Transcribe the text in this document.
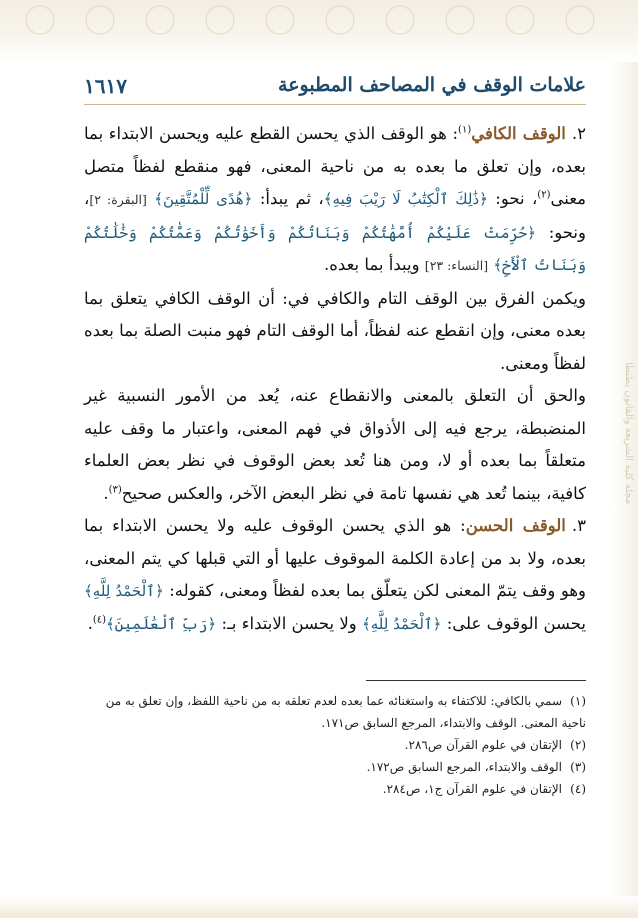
مجلة كلية الشريعة والقانون بطنطا
علامات الوقف في المصاحف المطبوعة
١٦١٧

٢.الوقف الكافي$^{(١)}$: هو الوقف الذي يحسن القطع عليه ويحسن الابتداء بما بعده، وإن تعلق ما بعده به من ناحية المعنى، فهو منقطع لفظاً متصل معنى$^{(٢)}$، نحو: ﴿ذَٰلِكَ ٱلْكِتَٰبُ لَا رَيْبَ فِيهِ﴾، ثم يبدأ: ﴿هُدًى لِّلْمُتَّقِينَ﴾ [البقرة: ٢]، ونحو: ﴿حُرِّمَتْ عَلَيْكُمْ أُمَّهَٰتُكُمْ وَبَنَاتُكُمْ وَأَخَوَٰتُكُمْ وَعَمَّٰتُكُمْ وَخَٰلَٰتُكُمْ وَبَنَاتُ ٱلْأَخِ﴾ [النساء: ٢٣] ويبدأ بما بعده.

ويكمن الفرق بين الوقف التام والكافي في: أن الوقف الكافي يتعلق بما بعده معنى، وإن انقطع عنه لفظاً، أما الوقف التام فهو منبت الصلة بما بعده لفظاً ومعنى.

والحق أن التعلق بالمعنى والانقطاع عنه، يُعد من الأمور النسبية غير المنضبطة، يرجع فيه إلى الأذواق في فهم المعنى، واعتبار ما وقف عليه متعلقاً بما بعده أو لا، ومن هنا تُعد بعض الوقوف في نظر بعض العلماء كافية، بينما تُعد هي نفسها تامة في نظر البعض الآخر، والعكس صحيح$^{(٣)}$.

٣.الوقف الحسن: هو الذي يحسن الوقوف عليه ولا يحسن الابتداء بما بعده، ولا بد من إعادة الكلمة الموقوف عليها أو التي قبلها كي يتم المعنى، وهو وقف يتمّ المعنى لكن يتعلّق بما بعده لفظاً ومعنى، كقوله: ﴿ٱلْحَمْدُ لِلَّهِ﴾ يحسن الوقوف على: ﴿ٱلْحَمْدُ لِلَّهِ﴾ ولا يحسن الابتداء بـ: ﴿رَبِّ ٱلْعَٰلَمِينَ﴾$^{(٤)}$.

(١)سمي بالكافي: للاكتفاء به واستغنائه عما بعده لعدم تعلقه به من ناحية اللفظ، وإن تعلق به من ناحية المعنى. الوقف والابتداء، المرجع السابق ص١٧١.

(٢)الإتقان في علوم القرآن ص٢٨٦.

(٣)الوقف والابتداء، المرجع السابق ص١٧٢.

(٤)الإتقان في علوم القرآن ج١، ص٢٨٤.
